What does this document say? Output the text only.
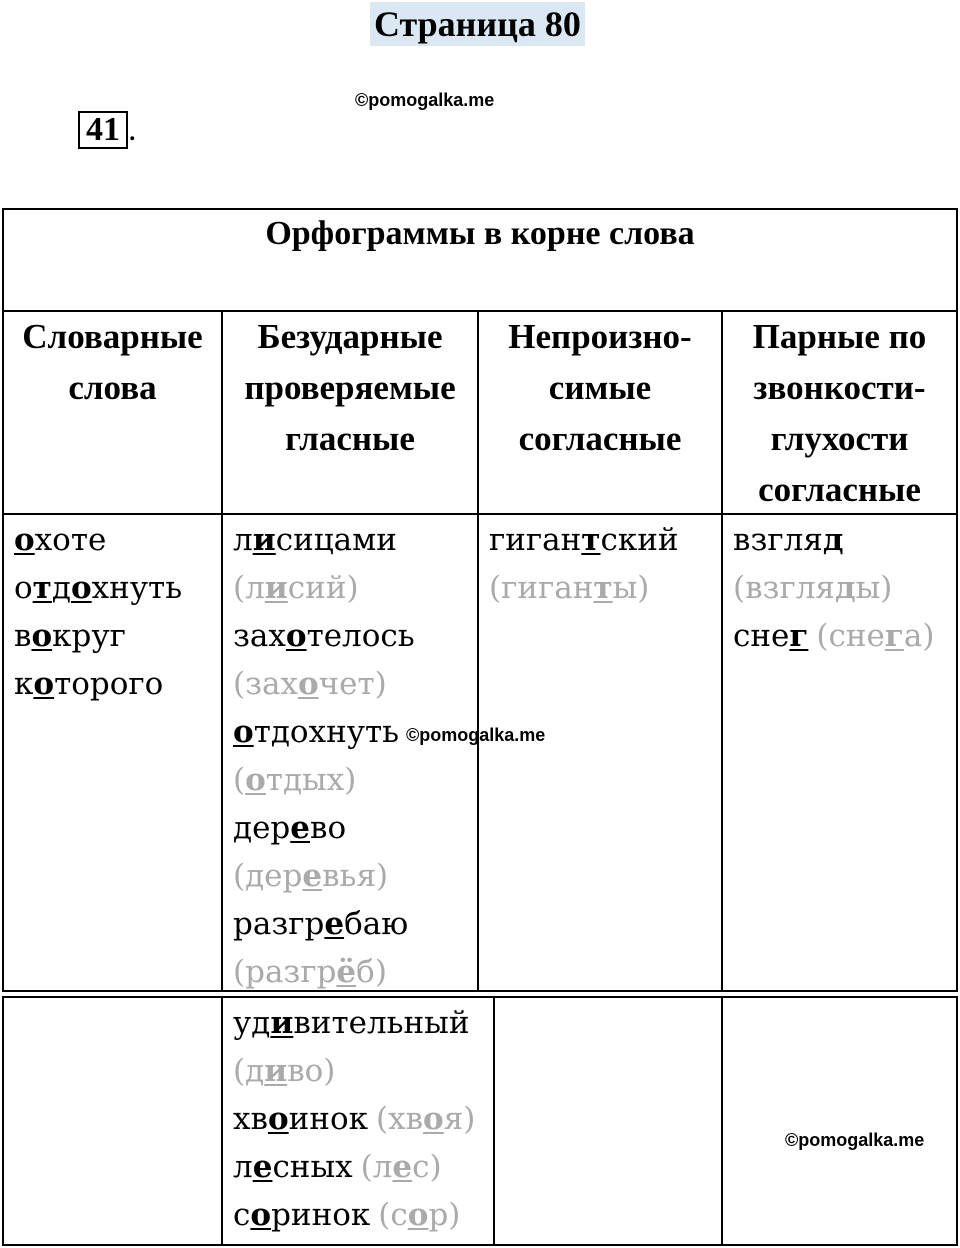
Страница 80
©pomogalka.me
41 .
Орфограммы в корне слова
Словарные
слова
Безударные
проверяемые
гласные
Непроизно-
симые
согласные
Парные по
звонкости-
глухости
согласные
охоте
отдохнуть
вокруг
которого
лисицами
(лисий)
захотелось
(захочет)
отдохнуть
(отдых)
дерево
(деревья)
разгребаю
(разгрёб)
гигантский
(гиганты)
взгляд
(взгляды)
снег (снега)
удивительный
(диво)
хвоинок (хвоя)
лесных (лес)
соринок (сор)
©pomogalka.me
©pomogalka.me
